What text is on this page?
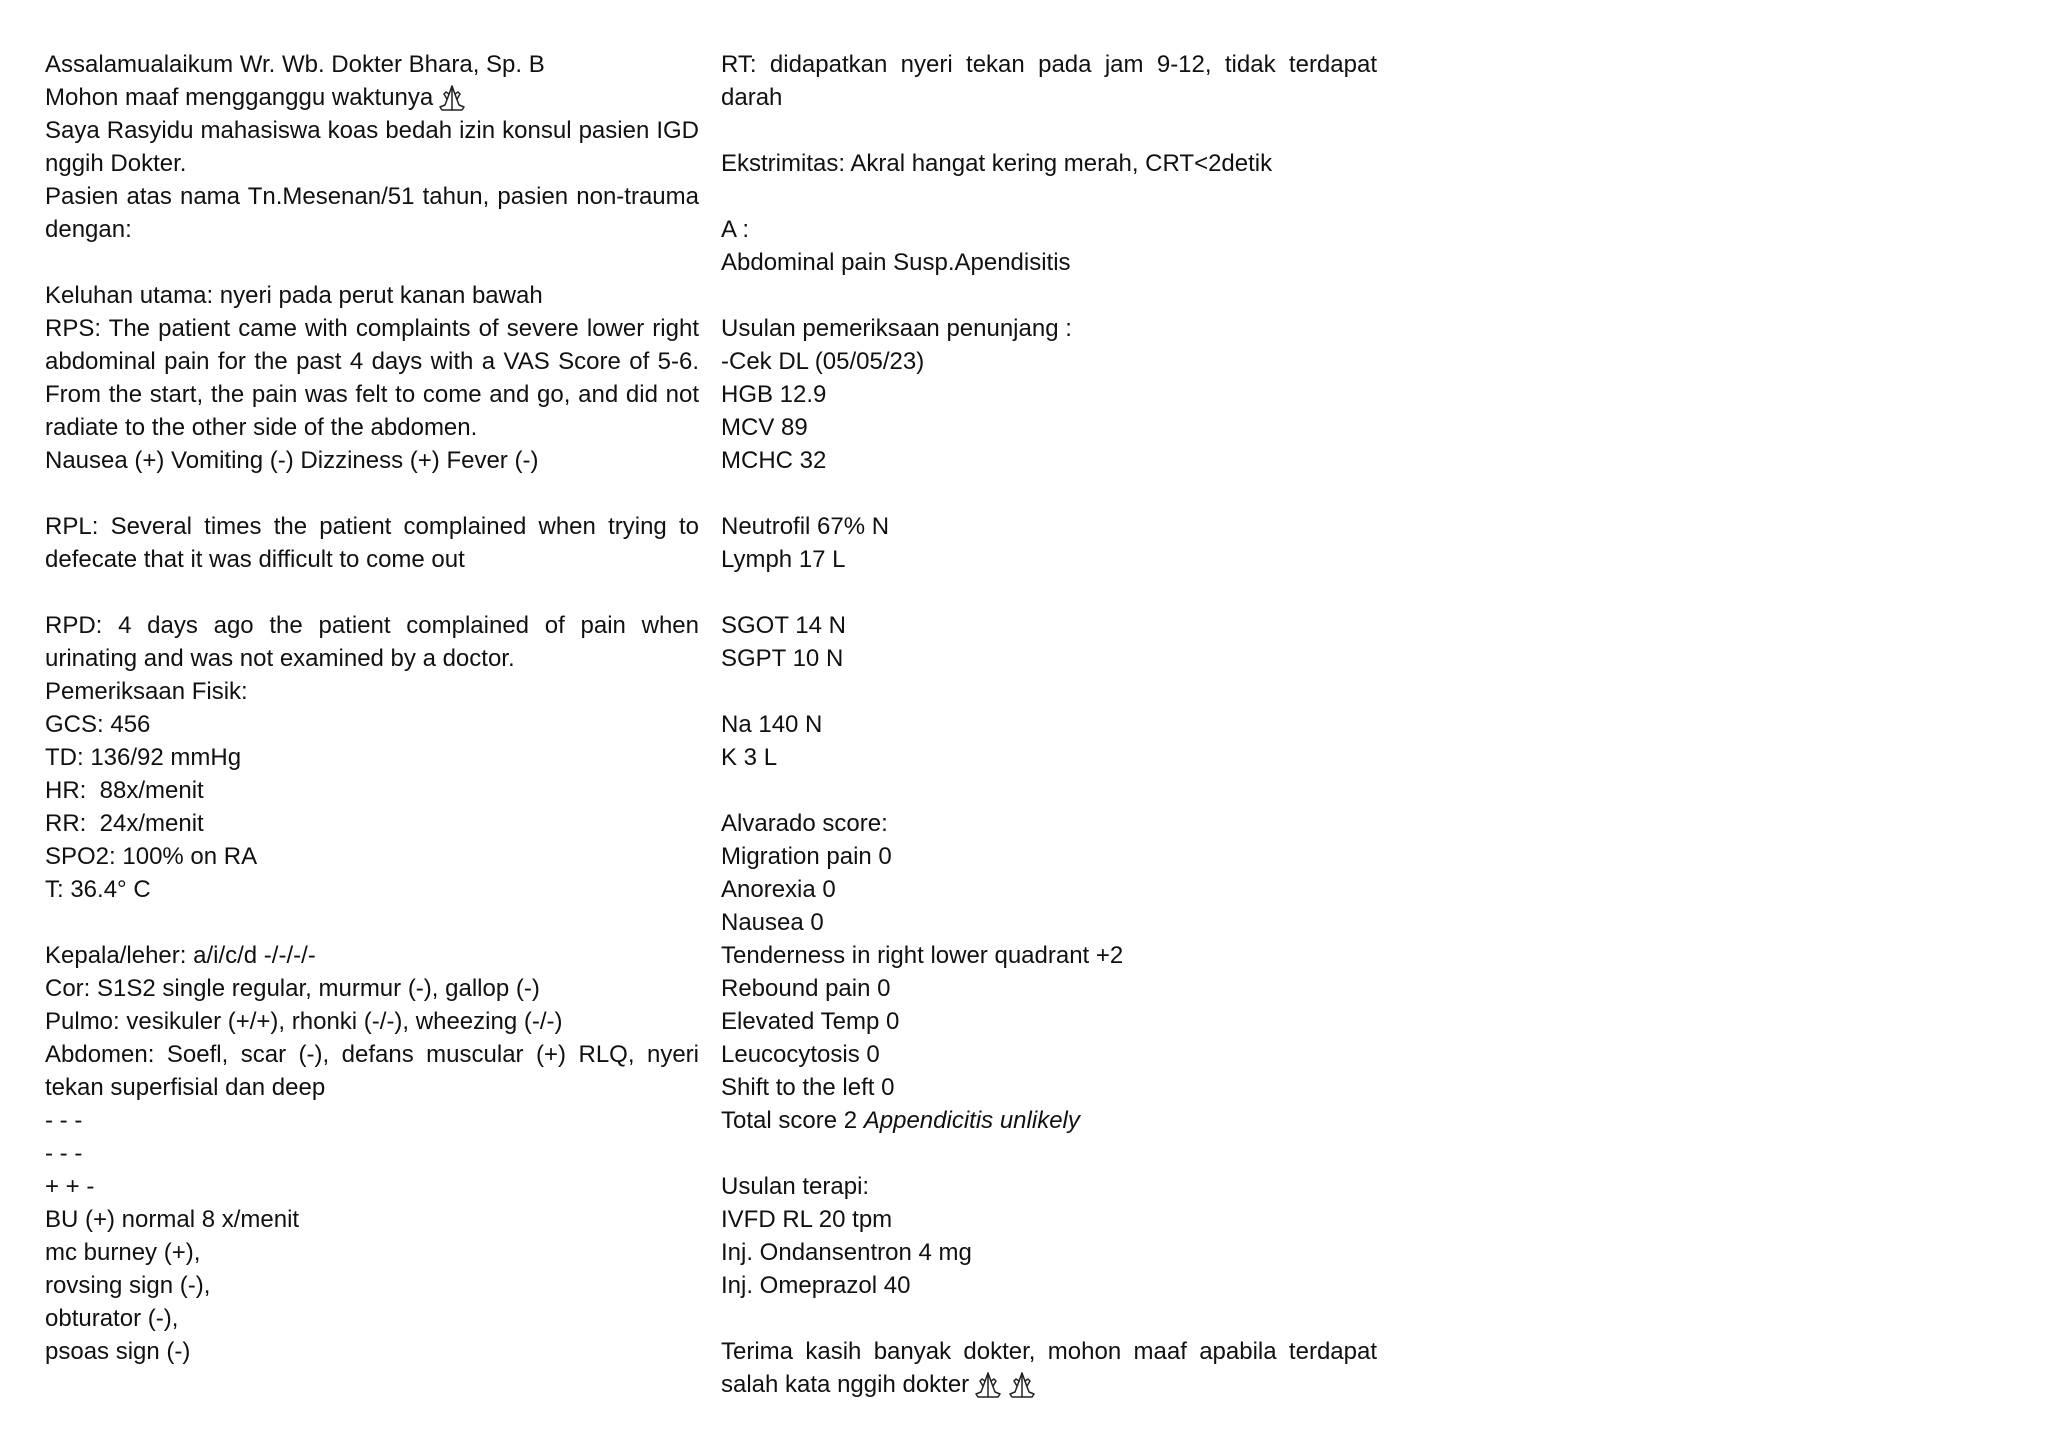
Assalamualaikum Wr. Wb. Dokter Bhara, Sp. B
Mohon maaf mengganggu waktunya
Saya Rasyidu mahasiswa koas bedah izin konsul pasien IGD nggih Dokter.
Pasien atas nama Tn.Mesenan/51 tahun, pasien non-trauma dengan:
Keluhan utama: nyeri pada perut kanan bawah
RPS: The patient came with complaints of severe lower right abdominal pain for the past 4 days with a VAS Score of 5-6. From the start, the pain was felt to come and go, and did not radiate to the other side of the abdomen.
Nausea (+) Vomiting (-) Dizziness (+) Fever (-)
RPL: Several times the patient complained when trying to defecate that it was difficult to come out
RPD: 4 days ago the patient complained of pain when urinating and was not examined by a doctor.
Pemeriksaan Fisik:
GCS: 456
TD: 136/92 mmHg
HR:  88x/menit
RR:  24x/menit
SPO2: 100% on RA
T: 36.4° C
Kepala/leher: a/i/c/d -/-/-/-
Cor: S1S2 single regular, murmur (-), gallop (-)
Pulmo: vesikuler (+/+), rhonki (-/-), wheezing (-/-)
Abdomen: Soefl, scar (-), defans muscular (+) RLQ, nyeri tekan superfisial dan deep
- - -
- - -
+ + -
BU (+) normal 8 x/menit
mc burney (+),
rovsing sign (-),
obturator (-),
psoas sign (-)
RT: didapatkan nyeri tekan pada jam 9-12, tidak terdapat darah
Ekstrimitas: Akral hangat kering merah, CRT<2detik
A :
Abdominal pain Susp.Apendisitis
Usulan pemeriksaan penunjang :
-Cek DL (05/05/23)
HGB 12.9
MCV 89
MCHC 32
Neutrofil 67% N
Lymph 17 L
SGOT 14 N
SGPT 10 N
Na 140 N
K 3 L
Alvarado score:
Migration pain 0
Anorexia 0
Nausea 0
Tenderness in right lower quadrant +2
Rebound pain 0
Elevated Temp 0
Leucocytosis 0
Shift to the left 0
Total score 2 Appendicitis unlikely
Usulan terapi:
IVFD RL 20 tpm
Inj. Ondansentron 4 mg
Inj. Omeprazol 40
Terima kasih banyak dokter, mohon maaf apabila terdapat salah kata nggih dokter
